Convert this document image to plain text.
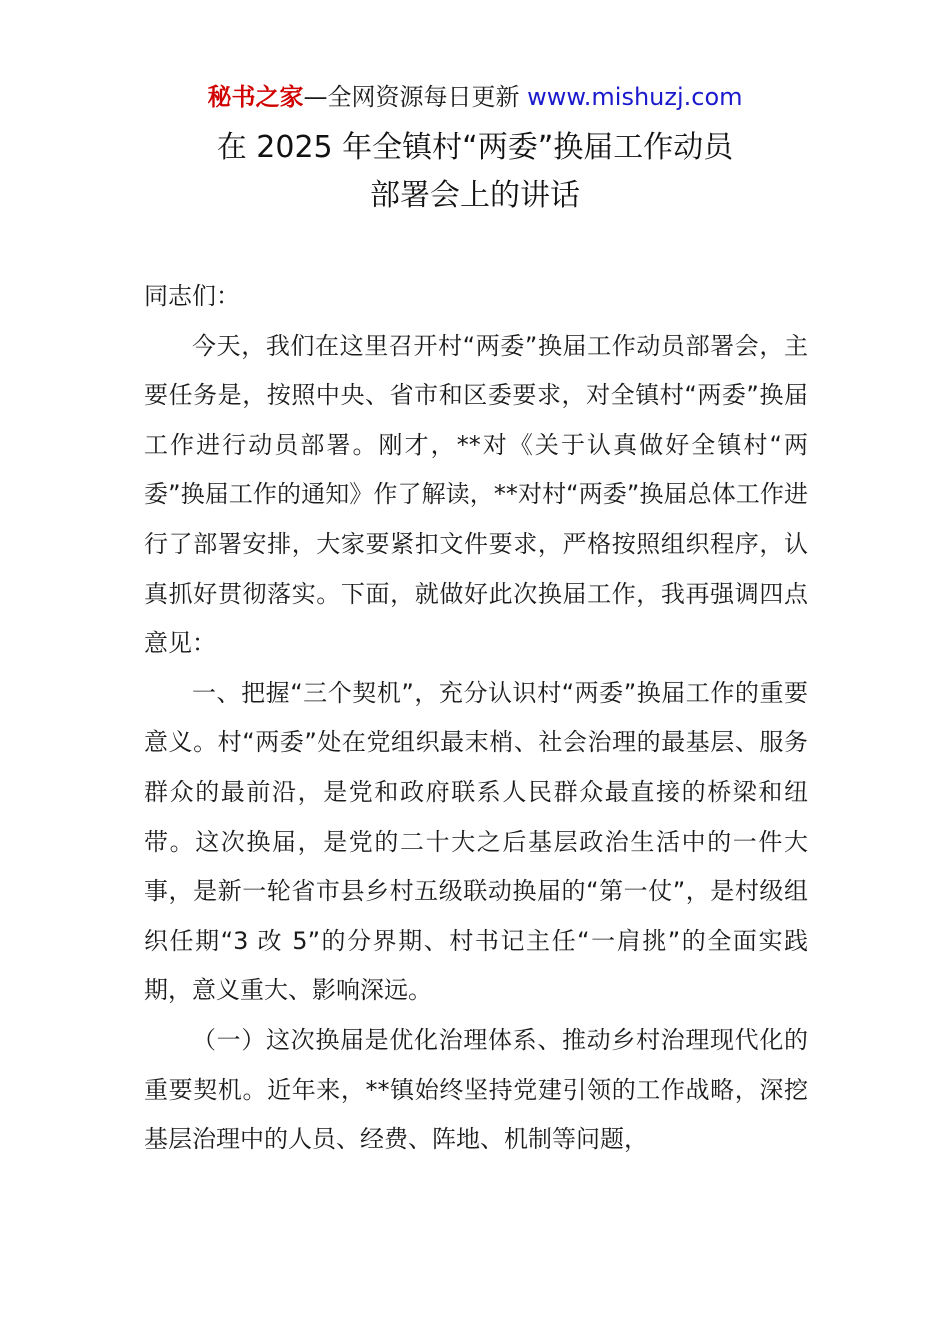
秘书之家—全网资源每日更新 www.mishuzj.com
在 2025 年全镇村“两委”换届工作动员
部署会上的讲话

同志们：

今天，我们在这里召开村“两委”换届工作动员部署会，主要任务是，按照中央、省市和区委要求，对全镇村“两委”换届工作进行动员部署。刚才，**对《关于认真做好全镇村“两委”换届工作的通知》作了解读，**对村“两委”换届总体工作进行了部署安排，大家要紧扣文件要求，严格按照组织程序，认真抓好贯彻落实。下面，就做好此次换届工作，我再强调四点意见：

一、把握“三个契机”，充分认识村“两委”换届工作的重要意义。村“两委”处在党组织最末梢、社会治理的最基层、服务群众的最前沿，是党和政府联系人民群众最直接的桥梁和纽带。这次换届，是党的二十大之后基层政治生活中的一件大事，是新一轮省市县乡村五级联动换届的“第一仗”，是村级组织任期“3 改 5”的分界期、村书记主任“一肩挑”的全面实践期，意义重大、影响深远。

（一）这次换届是优化治理体系、推动乡村治理现代化的重要契机。近年来，**镇始终坚持党建引领的工作战略，深挖基层治理中的人员、经费、阵地、机制等问题，
